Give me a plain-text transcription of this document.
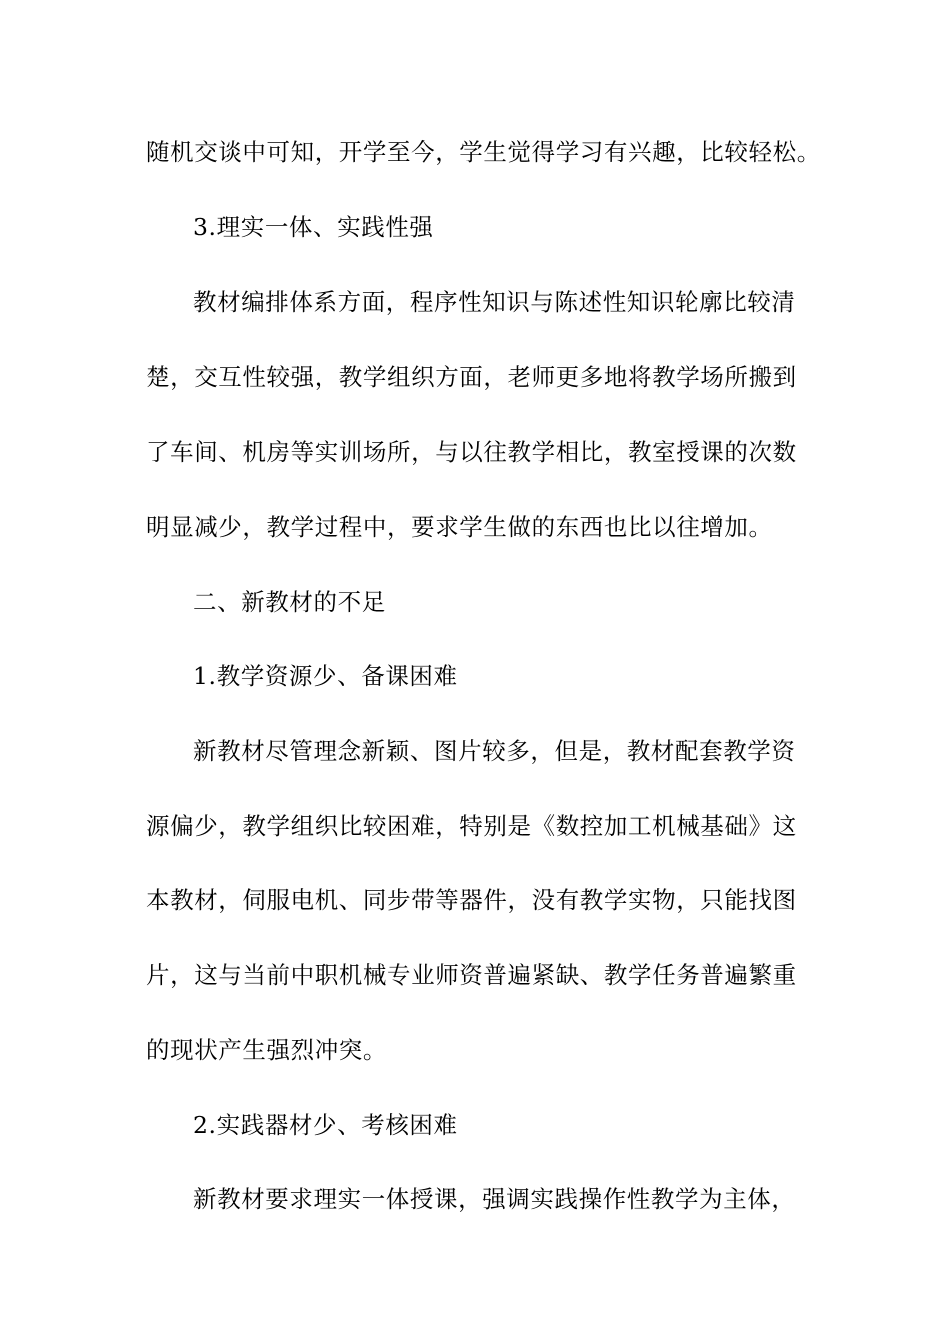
随机交谈中可知，开学至今，学生觉得学习有兴趣，比较轻松。
3.理实一体、实践性强
教材编排体系方面，程序性知识与陈述性知识轮廓比较清
楚，交互性较强，教学组织方面，老师更多地将教学场所搬到
了车间、机房等实训场所，与以往教学相比，教室授课的次数
明显减少，教学过程中，要求学生做的东西也比以往增加。
二、新教材的不足
1.教学资源少、备课困难
新教材尽管理念新颖、图片较多，但是，教材配套教学资
源偏少，教学组织比较困难，特别是《数控加工机械基础》这
本教材，伺服电机、同步带等器件，没有教学实物，只能找图
片，这与当前中职机械专业师资普遍紧缺、教学任务普遍繁重
的现状产生强烈冲突。
2.实践器材少、考核困难
新教材要求理实一体授课，强调实践操作性教学为主体，
